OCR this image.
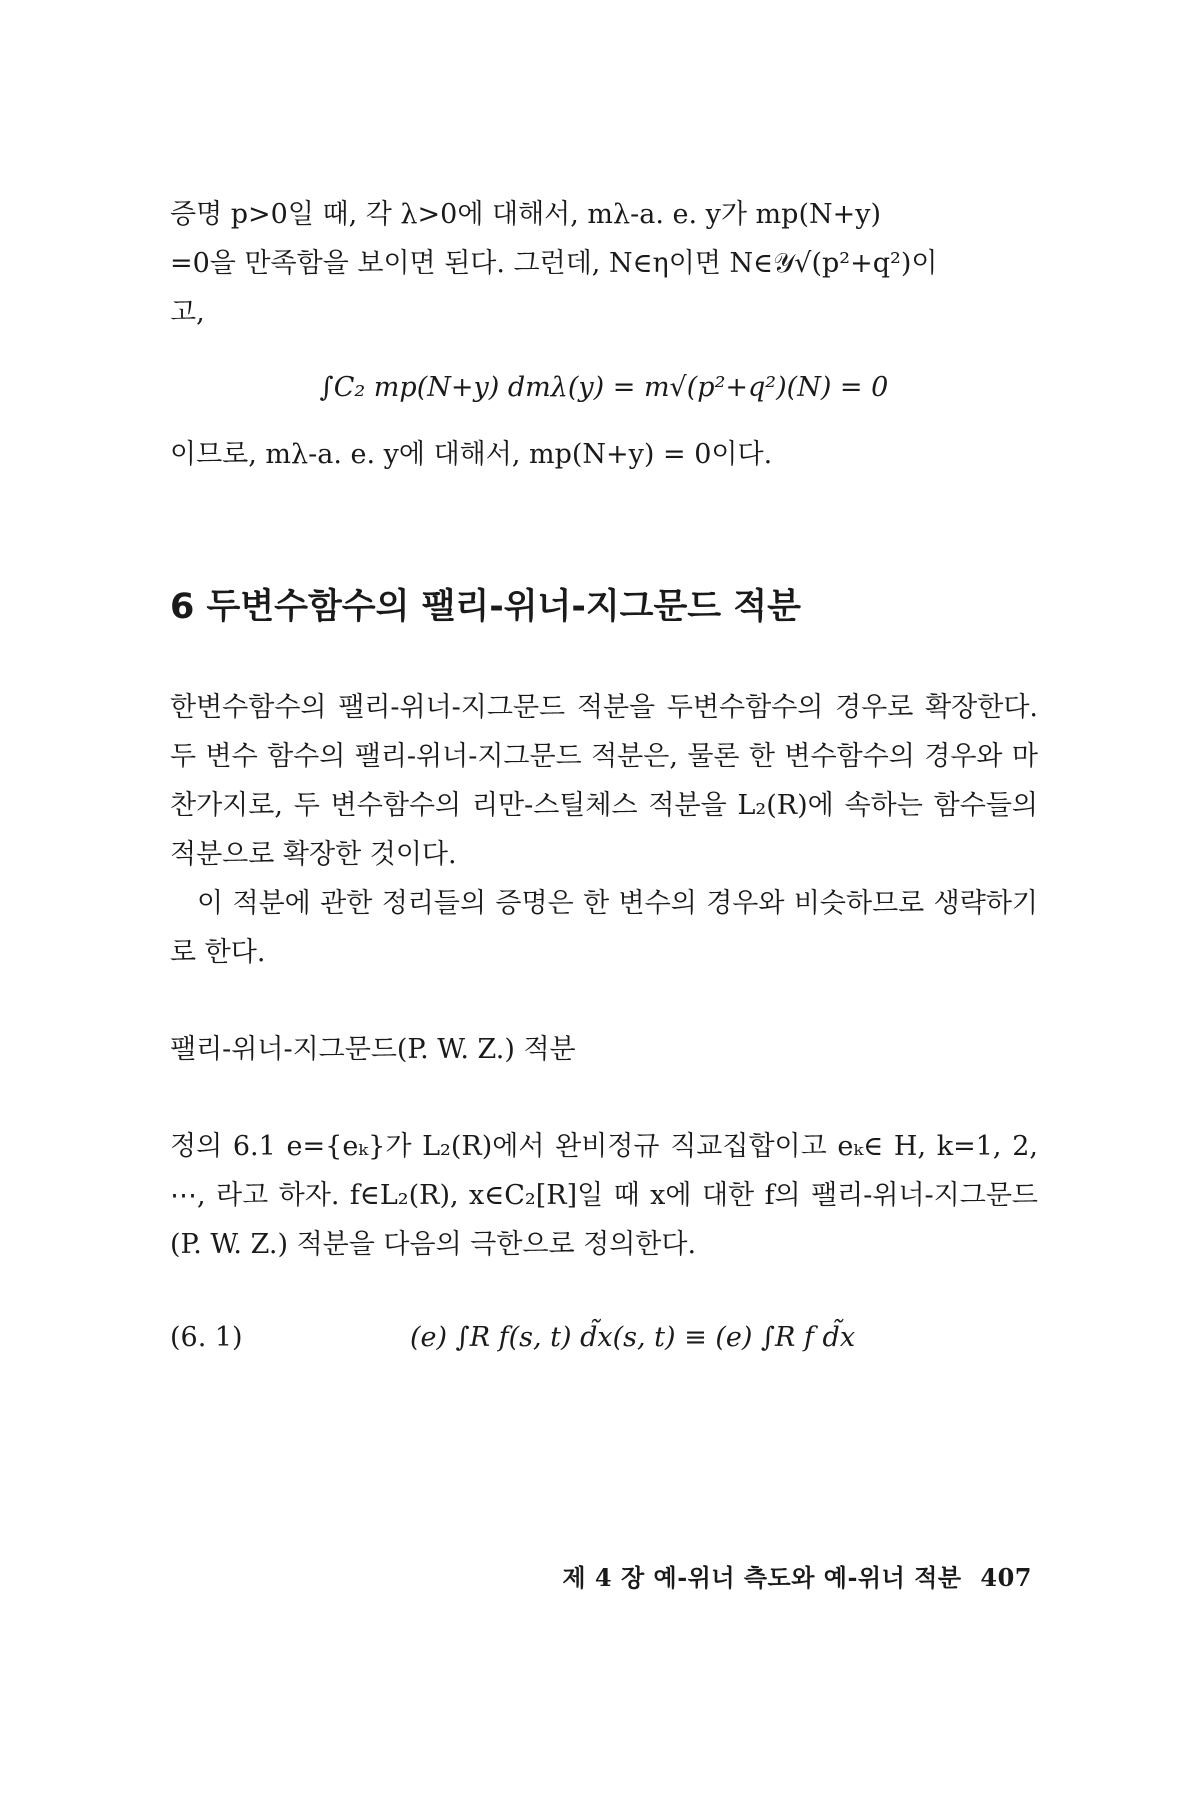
증명 p>0일 때, 각 λ>0에 대해서, mλ-a. e. y가 mp(N+y)

=0을 만족함을 보이면 된다. 그런데, N∈η이면 N∈𝒴√(p²+q²)이

고,

∫C₂ mp(N+y) dmλ(y) = m√(p²+q²)(N) = 0

이므로, mλ-a. e. y에 대해서, mp(N+y) = 0이다.

6 두변수함수의 팰리-위너-지그문드 적분

한변수함수의 팰리-위너-지그문드 적분을 두변수함수의 경우로 확장한다. 두 변수 함수의 팰리-위너-지그문드 적분은, 물론 한 변수함수의 경우와 마찬가지로, 두 변수함수의 리만-스틸체스 적분을 L₂(R)에 속하는 함수들의 적분으로 확장한 것이다.

이 적분에 관한 정리들의 증명은 한 변수의 경우와 비슷하므로 생략하기로 한다.

팰리-위너-지그문드(P. W. Z.) 적분

정의 6.1 e={eₖ}가 L₂(R)에서 완비정규 직교집합이고 eₖ∈ H, k=1, 2, ⋯, 라고 하자. f∈L₂(R), x∈C₂[R]일 때 x에 대한 f의 팰리-위너-지그문드(P. W. Z.) 적분을 다음의 극한으로 정의한다.

(6. 1)	(e) ∫R f(s, t) d̃x(s, t) ≡ (e) ∫R f d̃x
제 4 장 예-위너 측도와 예-위너 적분 407
